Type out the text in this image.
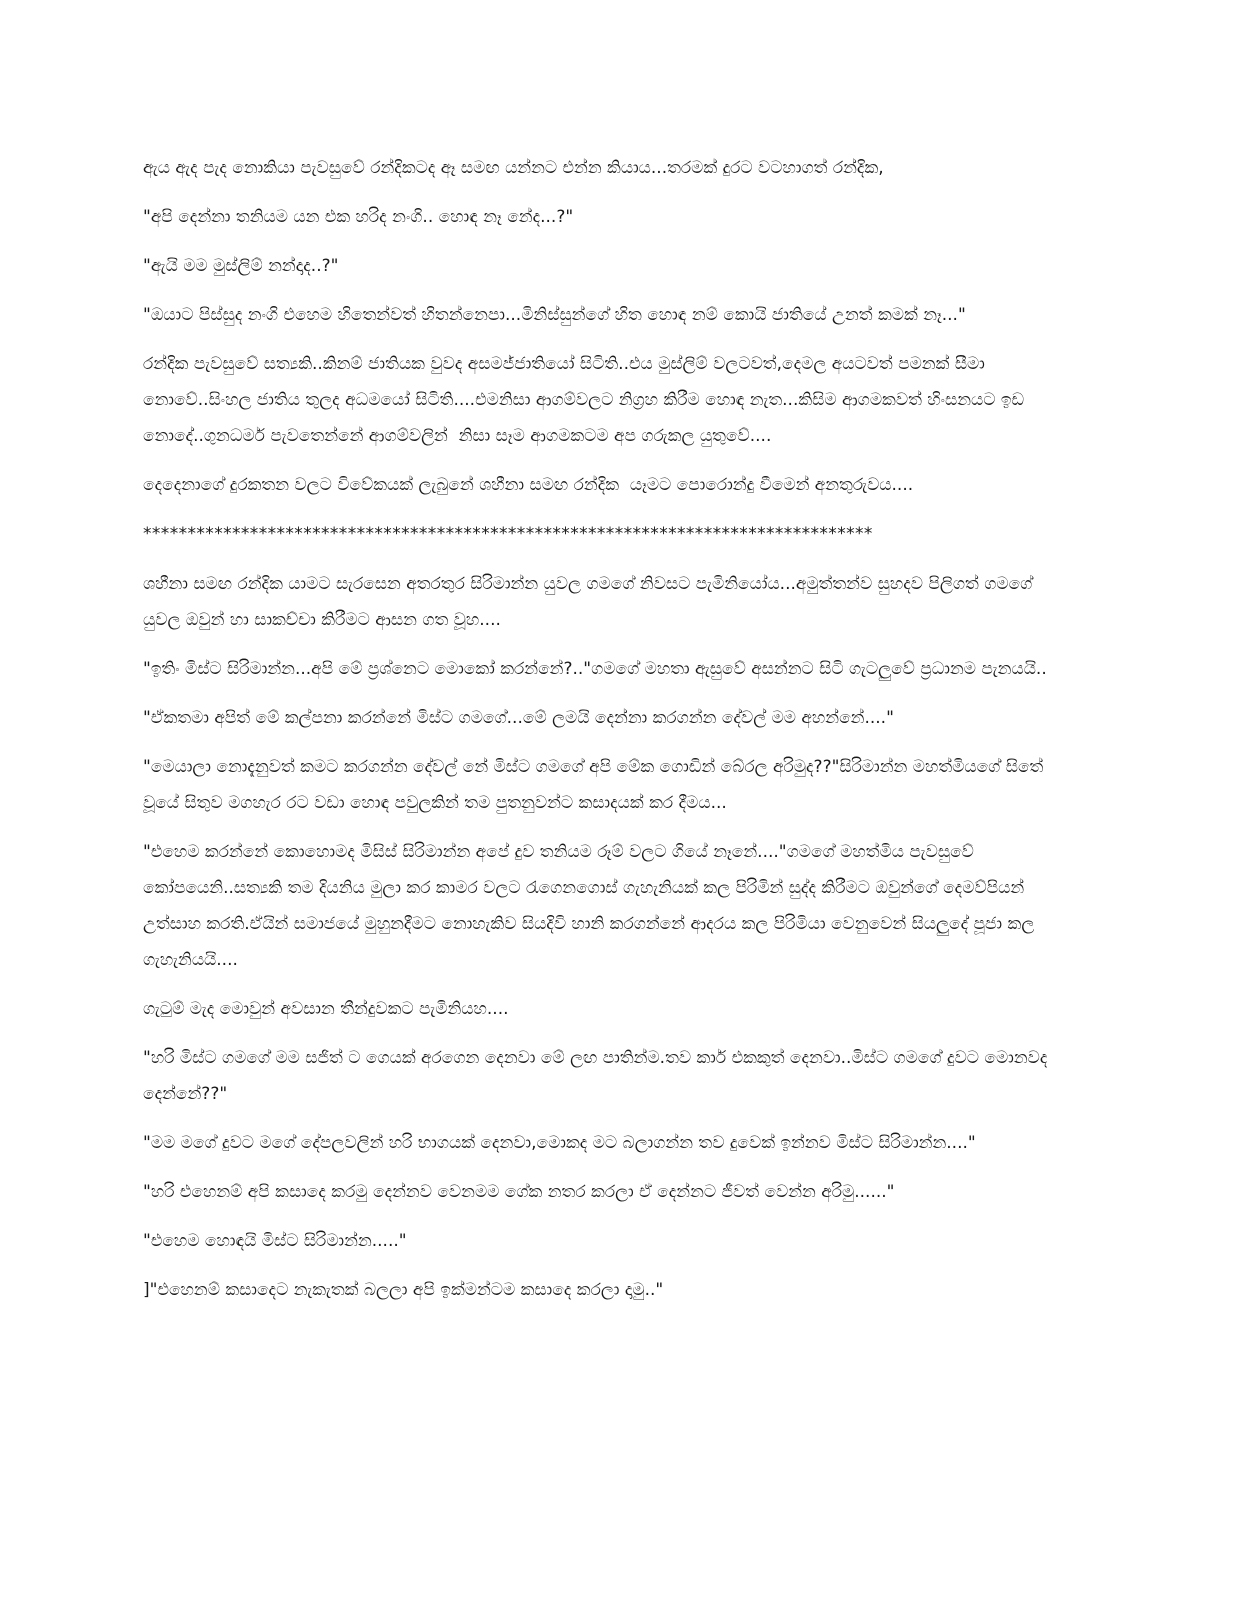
ඇය ඇද පැද නොකියා පැවසුවේ රන්දිකටද ඈ සමඟ යන්නට එන්න කියාය...තරමක් දුරට වටහාගත් රන්දික,

"අපි දෙන්නා තනියම යන එක හරිද නංගි.. හොඳ නෑ නේද...?"

"ඇයි මම මුස්ලිම් නන්දාද..?"

"ඔයාට පිස්සුද නංගි එහෙම හිතෙන්වත් හිතන්නෙපා...මිනිස්සුන්ගේ හිත හොඳ නම් කොයි ජාතියේ උනත් කමක් නෑ..."

රන්දික පැවසුවේ සත්‍යකි..කිනම් ජාතියක වුවද අසමජ්ජාතියෝ සිටිති..එය මුස්ලිම් වලටවත්,දෙමල අයටවත් පමනක් සීමා නොවේ..සිංහල ජාතිය තුලද අධමයෝ සිටිති....එමනිසා ආගම්වලට නිග්‍රහ කිරීම හොඳ නැත...කිසිම ආගමකවත් හිංසනයට ඉඩ නොදේ..ගුනධර්ම පැවතෙන්නේ ආගම්වලින්  නිසා සෑම ආගමකටම අප ගරුකල යුතුවේ....

දෙදෙනාගේ දුරකතන වලට විවේකයක් ලැබුනේ ශහීනා සමඟ රන්දික  යෑමට පොරොන්දු වීමෙන් අනතුරුවය....

**********************************************************************************

ශහීනා සමඟ රන්දික යාමට සැරසෙන අතරතුර සිරිමාන්න යුවල ගමගේ නිවසට පැමිනියෝය...අමුත්තන්ව සුහදව පිලිගත් ගමගේ යුවල ඔවුන් හා සාකච්චා කිරීමට ආසන ගත වූහ....

"ඉතිං මිස්ට සිරිමාන්න...අපි මේ ප්‍රශ්නෙට මොකෝ කරන්නේ?.."ගමගේ මහතා ඇසුවේ අසන්නට සිටි ගැටලුවේ ප්‍රධානම පැනයයි..

"ඒකතමා අපිත් මේ කල්පනා කරන්නේ මිස්ට ගමගේ...මේ ලමයි දෙන්නා කරගන්න දේවල් මම අහන්නේ...."

"මෙයාලා නොදැනුවත් කමට කරගන්න දේවල් නේ මිස්ට ගමගේ අපි මේක ගොඩින් බේරල අරිමුද??"සිරිමාන්න මහත්මියගේ සිතේ වූයේ සිතුව මගහැර රට වඩා හොඳ පවුලකින් තම පුතනුවන්ට කසාදයක් කර දීමය...

"එහෙම කරන්නේ කොහොමද මිසිස් සිරිමාන්න අපේ දුව තනියම රූම් වලට ගියේ නෑනේ...."ගමගේ මහත්මිය පැවසුවේ කෝපයෙනි..සත්‍යකි තම දියනිය මුලා කර කාමර වලට රැගෙනගොස් ගැහැනියක් කල පිරිමින් සුද්ද කිරීමට ඔවුන්ගේ දෙමව්පියන් උත්සාහ කරති.ඒයින් සමාජයේ මුහුනදීමට නොහැකිව සියදිවි හානි කරගන්නේ ආදරය කල පිරිමියා වෙනුවෙන් සියලුදේ පූජා කල ගැහැනියයි....

ගැටුම් මැද මොවුන් අවසාන තීන්දුවකට පැමිනියහ....

"හරි මිස්ට ගමගේ මම සජිත් ට ගෙයක් අරගෙන දෙනවා මේ ලඟ පාතින්ම.තව කාර් එකකුත් දෙනවා..මිස්ට ගමගේ දුවට මොනවද දෙන්නේ??"

"මම මගේ දුවට මගේ දේපලවලින් හරි භාගයක් දෙනවා,මොකද මට බලාගන්න තව දුවෙක් ඉන්නව මිස්ට සිරිමාන්න...."

"හරි එහෙනම් අපි කසාදෙ කරමු දෙන්නව වෙනමම ගේක නතර කරලා ඒ දෙන්නට ජීවත් වෙන්න අරිමු......"

"එහෙම හොඳයි මිස්ට සිරිමාන්න....."

]"එහෙනම් කසාදෙට නැකැතක් බලලා අපි ඉක්මන්ටම කසාදෙ කරලා දාමු.."
